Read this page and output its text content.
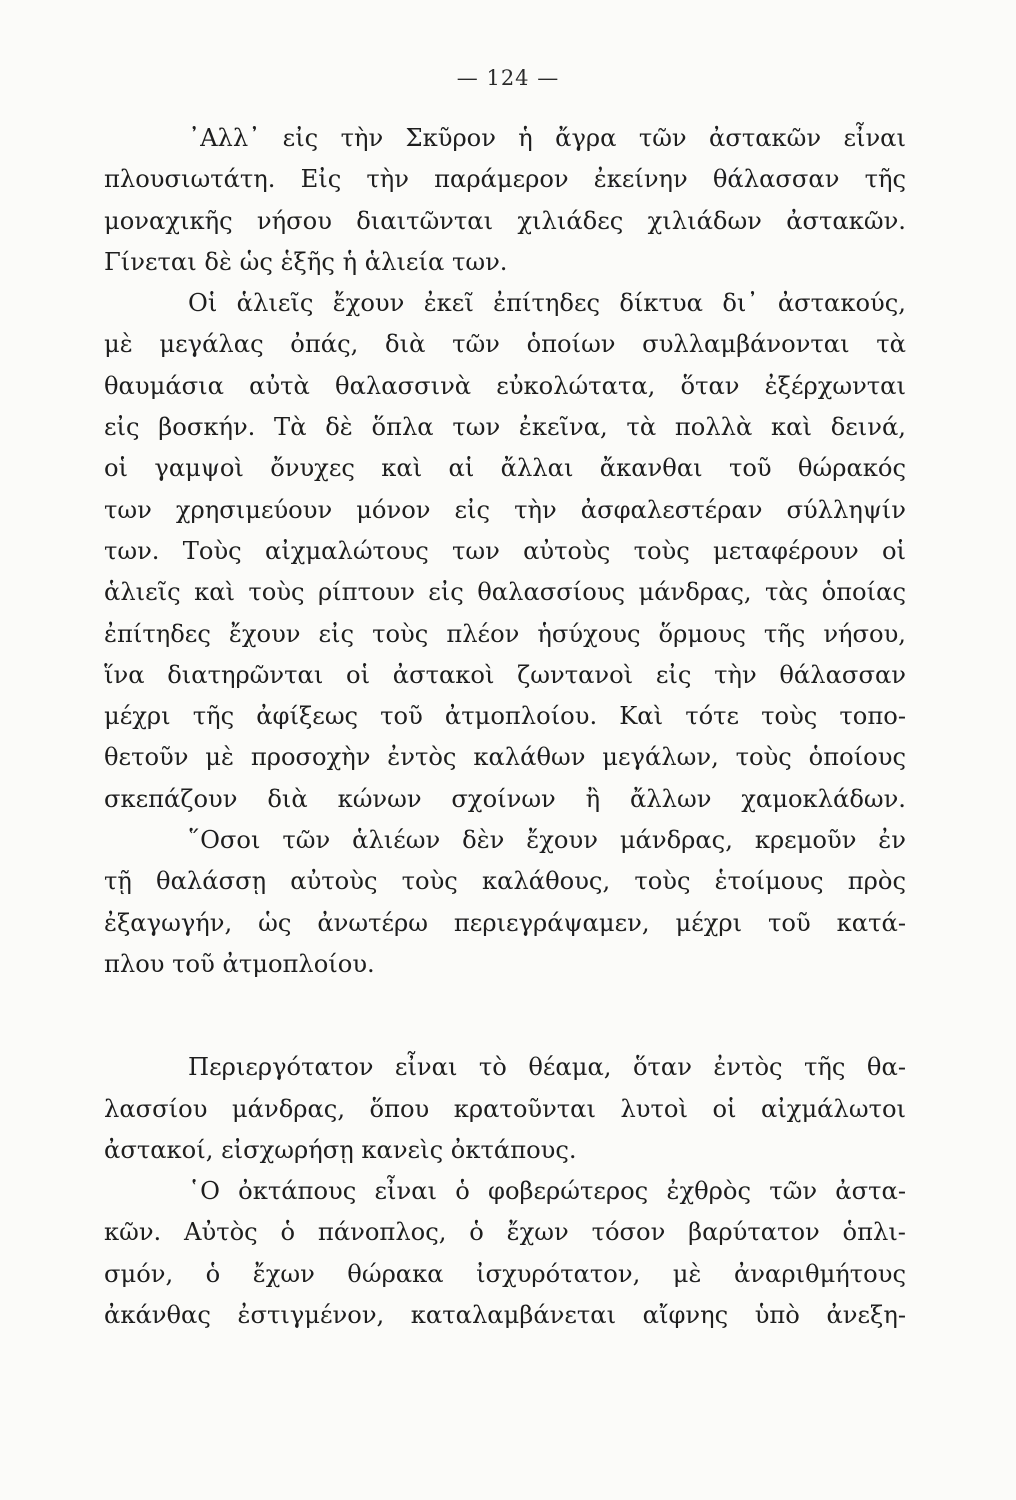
— 124 —
᾿Αλλ᾿ εἰς τὴν Σκῦρον ἡ ἄγρα τῶν ἀστακῶν εἶναι
πλουσιωτάτη. Εἰς τὴν παράμερον ἐκείνην θάλασσαν τῆς
μοναχικῆς νήσου διαιτῶνται χιλιάδες χιλιάδων ἀστακῶν.
Γίνεται δὲ ὡς ἑξῆς ἡ ἁλιεία των.
Οἱ ἁλιεῖς ἔχουν ἐκεῖ ἐπίτηδες δίκτυα δι᾿ ἀστακούς,
μὲ μεγάλας ὀπάς, διὰ τῶν ὁποίων συλλαμβάνονται τὰ
θαυμάσια αὐτὰ θαλασσινὰ εὐκολώτατα, ὅταν ἐξέρχωνται
εἰς βοσκήν. Τὰ δὲ ὅπλα των ἐκεῖνα, τὰ πολλὰ καὶ δεινά,
οἱ γαμψοὶ ὄνυχες καὶ αἱ ἄλλαι ἄκανθαι τοῦ θώρακός
των χρησιμεύουν μόνον εἰς τὴν ἀσφαλεστέραν σύλληψίν
των. Τοὺς αἰχμαλώτους των αὐτοὺς τοὺς μεταφέρουν οἱ
ἁλιεῖς καὶ τοὺς ρίπτουν εἰς θαλασσίους μάνδρας, τὰς ὁποίας
ἐπίτηδες ἔχουν εἰς τοὺς πλέον ἡσύχους ὅρμους τῆς νήσου,
ἵνα διατηρῶνται οἱ ἀστακοὶ ζωντανοὶ εἰς τὴν θάλασσαν
μέχρι τῆς ἀφίξεως τοῦ ἀτμοπλοίου. Καὶ τότε τοὺς τοπο-
θετοῦν μὲ προσοχὴν ἐντὸς καλάθων μεγάλων, τοὺς ὁποίους
σκεπάζουν διὰ κώνων σχοίνων ἢ ἄλλων χαμοκλάδων.
῞Οσοι τῶν ἁλιέων δὲν ἔχουν μάνδρας, κρεμοῦν ἐν
τῇ θαλάσσῃ αὐτοὺς τοὺς καλάθους, τοὺς ἑτοίμους πρὸς
ἐξαγωγήν, ὡς ἀνωτέρω περιεγράψαμεν, μέχρι τοῦ κατά-
πλου τοῦ ἀτμοπλοίου.
Περιεργότατον εἶναι τὸ θέαμα, ὅταν ἐντὸς τῆς θα-
λασσίου μάνδρας, ὅπου κρατοῦνται λυτοὶ οἱ αἰχμάλωτοι
ἀστακοί, εἰσχωρήσῃ κανεὶς ὀκτάπους.
῾Ο ὀκτάπους εἶναι ὁ φοβερώτερος ἐχθρὸς τῶν ἀστα-
κῶν. Αὐτὸς ὁ πάνοπλος, ὁ ἔχων τόσον βαρύτατον ὁπλι-
σμόν, ὁ ἔχων θώρακα ἰσχυρότατον, μὲ ἀναριθμήτους
ἀκάνθας ἐστιγμένον, καταλαμβάνεται αἴφνης ὑπὸ ἀνεξη-
